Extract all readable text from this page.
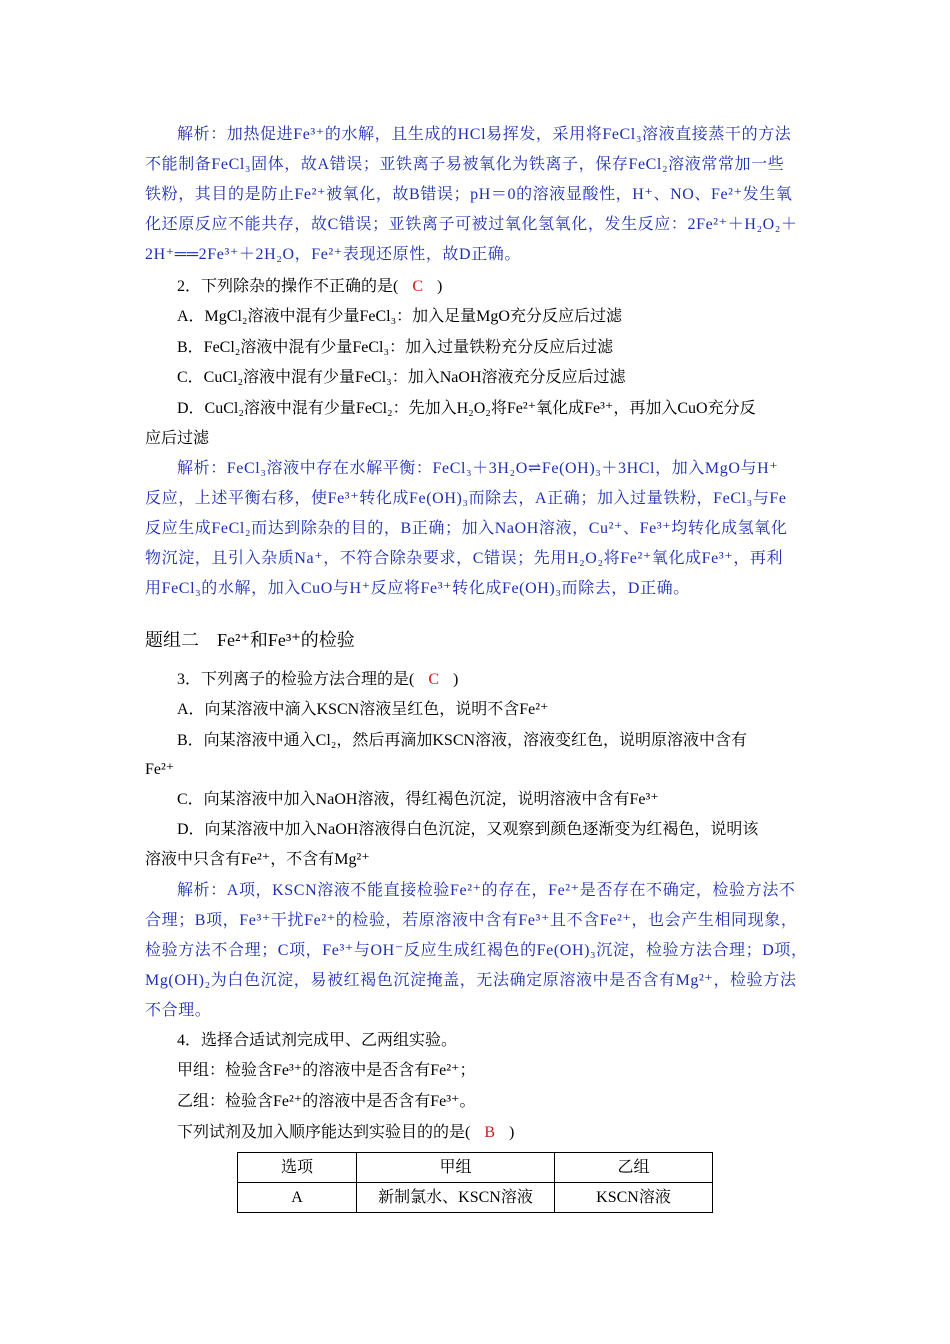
解析：加热促进Fe³⁺的水解，且生成的HCl易挥发，采用将FeCl₃溶液直接蒸干的方法
不能制备FeCl₃固体，故A错误；亚铁离子易被氧化为铁离子，保存FeCl₂溶液常常加一些
铁粉，其目的是防止Fe²⁺被氧化，故B错误；pH＝0的溶液显酸性，H⁺、NO、Fe²⁺发生氧
化还原反应不能共存，故C错误；亚铁离子可被过氧化氢氧化，发生反应：2Fe²⁺＋H₂O₂＋
2H⁺══2Fe³⁺＋2H₂O，Fe²⁺表现还原性，故D正确。
2．下列除杂的操作不正确的是( C )
A．MgCl₂溶液中混有少量FeCl₃：加入足量MgO充分反应后过滤
B．FeCl₂溶液中混有少量FeCl₃：加入过量铁粉充分反应后过滤
C．CuCl₂溶液中混有少量FeCl₃：加入NaOH溶液充分反应后过滤
D．CuCl₂溶液中混有少量FeCl₂：先加入H₂O₂将Fe²⁺氧化成Fe³⁺，再加入CuO充分反
应后过滤
解析：FeCl₃溶液中存在水解平衡：FeCl₃＋3H₂O⇌Fe(OH)₃＋3HCl，加入MgO与H⁺
反应，上述平衡右移，使Fe³⁺转化成Fe(OH)₃而除去，A正确；加入过量铁粉，FeCl₃与Fe
反应生成FeCl₂而达到除杂的目的，B正确；加入NaOH溶液，Cu²⁺、Fe³⁺均转化成氢氧化
物沉淀，且引入杂质Na⁺，不符合除杂要求，C错误；先用H₂O₂将Fe²⁺氧化成Fe³⁺，再利
用FeCl₃的水解，加入CuO与H⁺反应将Fe³⁺转化成Fe(OH)₃而除去，D正确。
题组二　Fe²⁺和Fe³⁺的检验
3．下列离子的检验方法合理的是( C )
A．向某溶液中滴入KSCN溶液呈红色，说明不含Fe²⁺
B．向某溶液中通入Cl₂，然后再滴加KSCN溶液，溶液变红色，说明原溶液中含有
Fe²⁺
C．向某溶液中加入NaOH溶液，得红褐色沉淀，说明溶液中含有Fe³⁺
D．向某溶液中加入NaOH溶液得白色沉淀，又观察到颜色逐渐变为红褐色，说明该
溶液中只含有Fe²⁺，不含有Mg²⁺
解析：A项，KSCN溶液不能直接检验Fe²⁺的存在，Fe²⁺是否存在不确定，检验方法不
合理；B项，Fe³⁺干扰Fe²⁺的检验，若原溶液中含有Fe³⁺且不含Fe²⁺，也会产生相同现象，
检验方法不合理；C项，Fe³⁺与OH⁻反应生成红褐色的Fe(OH)₃沉淀，检验方法合理；D项，
Mg(OH)₂为白色沉淀，易被红褐色沉淀掩盖，无法确定原溶液中是否含有Mg²⁺，检验方法
不合理。
4．选择合适试剂完成甲、乙两组实验。
甲组：检验含Fe³⁺的溶液中是否含有Fe²⁺；
乙组：检验含Fe²⁺的溶液中是否含有Fe³⁺。
下列试剂及加入顺序能达到实验目的的是( B )
选项	甲组	乙组
A	新制氯水、KSCN溶液	KSCN溶液
